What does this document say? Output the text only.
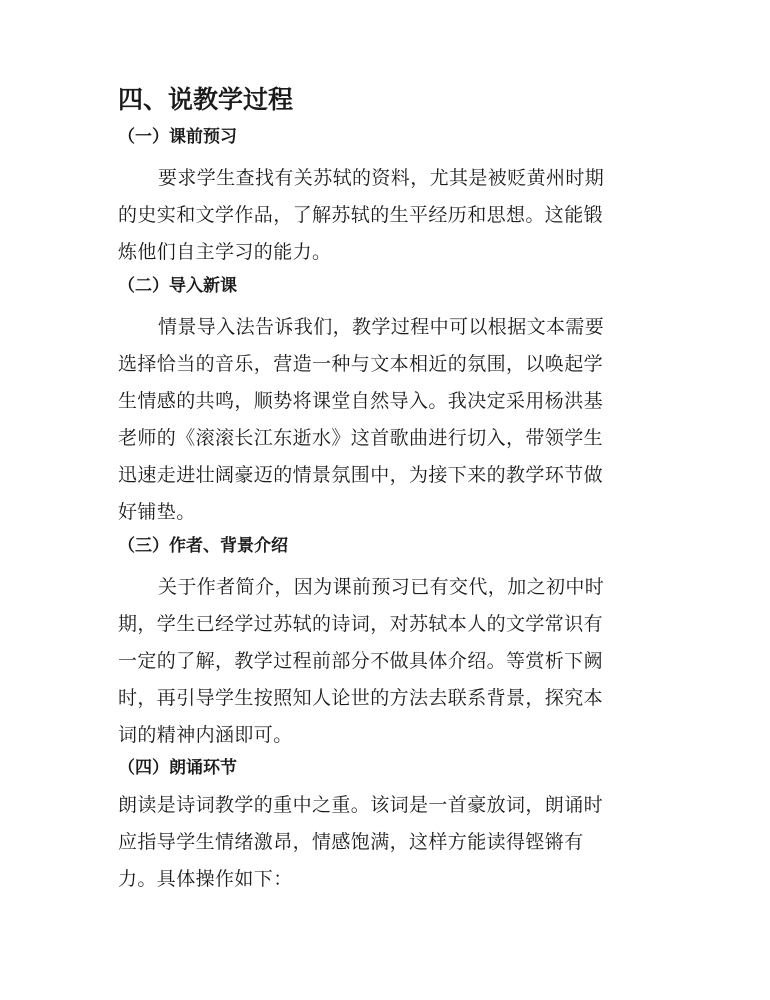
四、说教学过程
（一）课前预习

要求学生查找有关苏轼的资料，尤其是被贬黄州时期
的史实和文学作品，了解苏轼的生平经历和思想。这能锻
炼他们自主学习的能力。

（二）导入新课

情景导入法告诉我们，教学过程中可以根据文本需要
选择恰当的音乐，营造一种与文本相近的氛围，以唤起学
生情感的共鸣，顺势将课堂自然导入。我决定采用杨洪基
老师的《滚滚长江东逝水》这首歌曲进行切入，带领学生
迅速走进壮阔豪迈的情景氛围中，为接下来的教学环节做
好铺垫。

（三）作者、背景介绍

关于作者简介，因为课前预习已有交代，加之初中时
期，学生已经学过苏轼的诗词，对苏轼本人的文学常识有
一定的了解，教学过程前部分不做具体介绍。等赏析下阙
时，再引导学生按照知人论世的方法去联系背景，探究本
词的精神内涵即可。

（四）朗诵环节

朗读是诗词教学的重中之重。该词是一首豪放词，朗诵时
应指导学生情绪激昂，情感饱满，这样方能读得铿锵有
力。具体操作如下：
